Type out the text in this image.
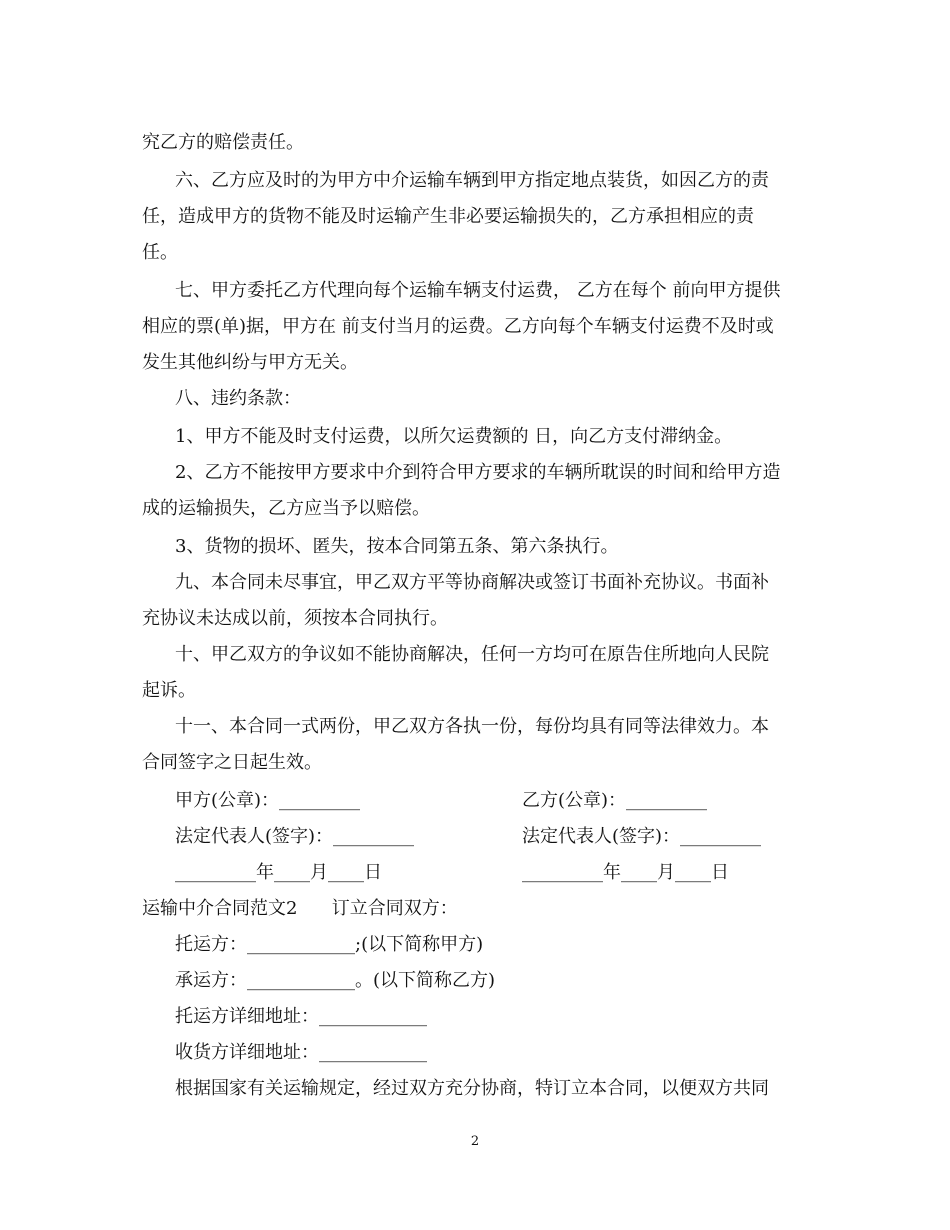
究乙方的赔偿责任。
六、乙方应及时的为甲方中介运输车辆到甲方指定地点装货，如因乙方的责
任，造成甲方的货物不能及时运输产生非必要运输损失的，乙方承担相应的责
任。
七、甲方委托乙方代理向每个运输车辆支付运费， 乙方在每个 前向甲方提供
相应的票(单)据，甲方在 前支付当月的运费。乙方向每个车辆支付运费不及时或
发生其他纠纷与甲方无关。
八、违约条款：
1、甲方不能及时支付运费，以所欠运费额的 日，向乙方支付滞纳金。
2、乙方不能按甲方要求中介到符合甲方要求的车辆所耽误的时间和给甲方造
成的运输损失，乙方应当予以赔偿。
3、货物的损坏、匿失，按本合同第五条、第六条执行。
九、本合同未尽事宜，甲乙双方平等协商解决或签订书面补充协议。书面补
充协议未达成以前，须按本合同执行。
十、甲乙双方的争议如不能协商解决，任何一方均可在原告住所地向人民院
起诉。
十一、本合同一式两份，甲乙双方各执一份，每份均具有同等法律效力。本
合同签字之日起生效。
甲方(公章)：_________	乙方(公章)：_________
法定代表人(签字)：_________	法定代表人(签字)：_________
_________年____月____日	_________年____月____日
运输中介合同范文2      订立合同双方：
托运方：____________;(以下简称甲方)
承运方：____________。(以下简称乙方)
托运方详细地址：____________
收货方详细地址：____________
根据国家有关运输规定，经过双方充分协商，特订立本合同，以便双方共同
2
